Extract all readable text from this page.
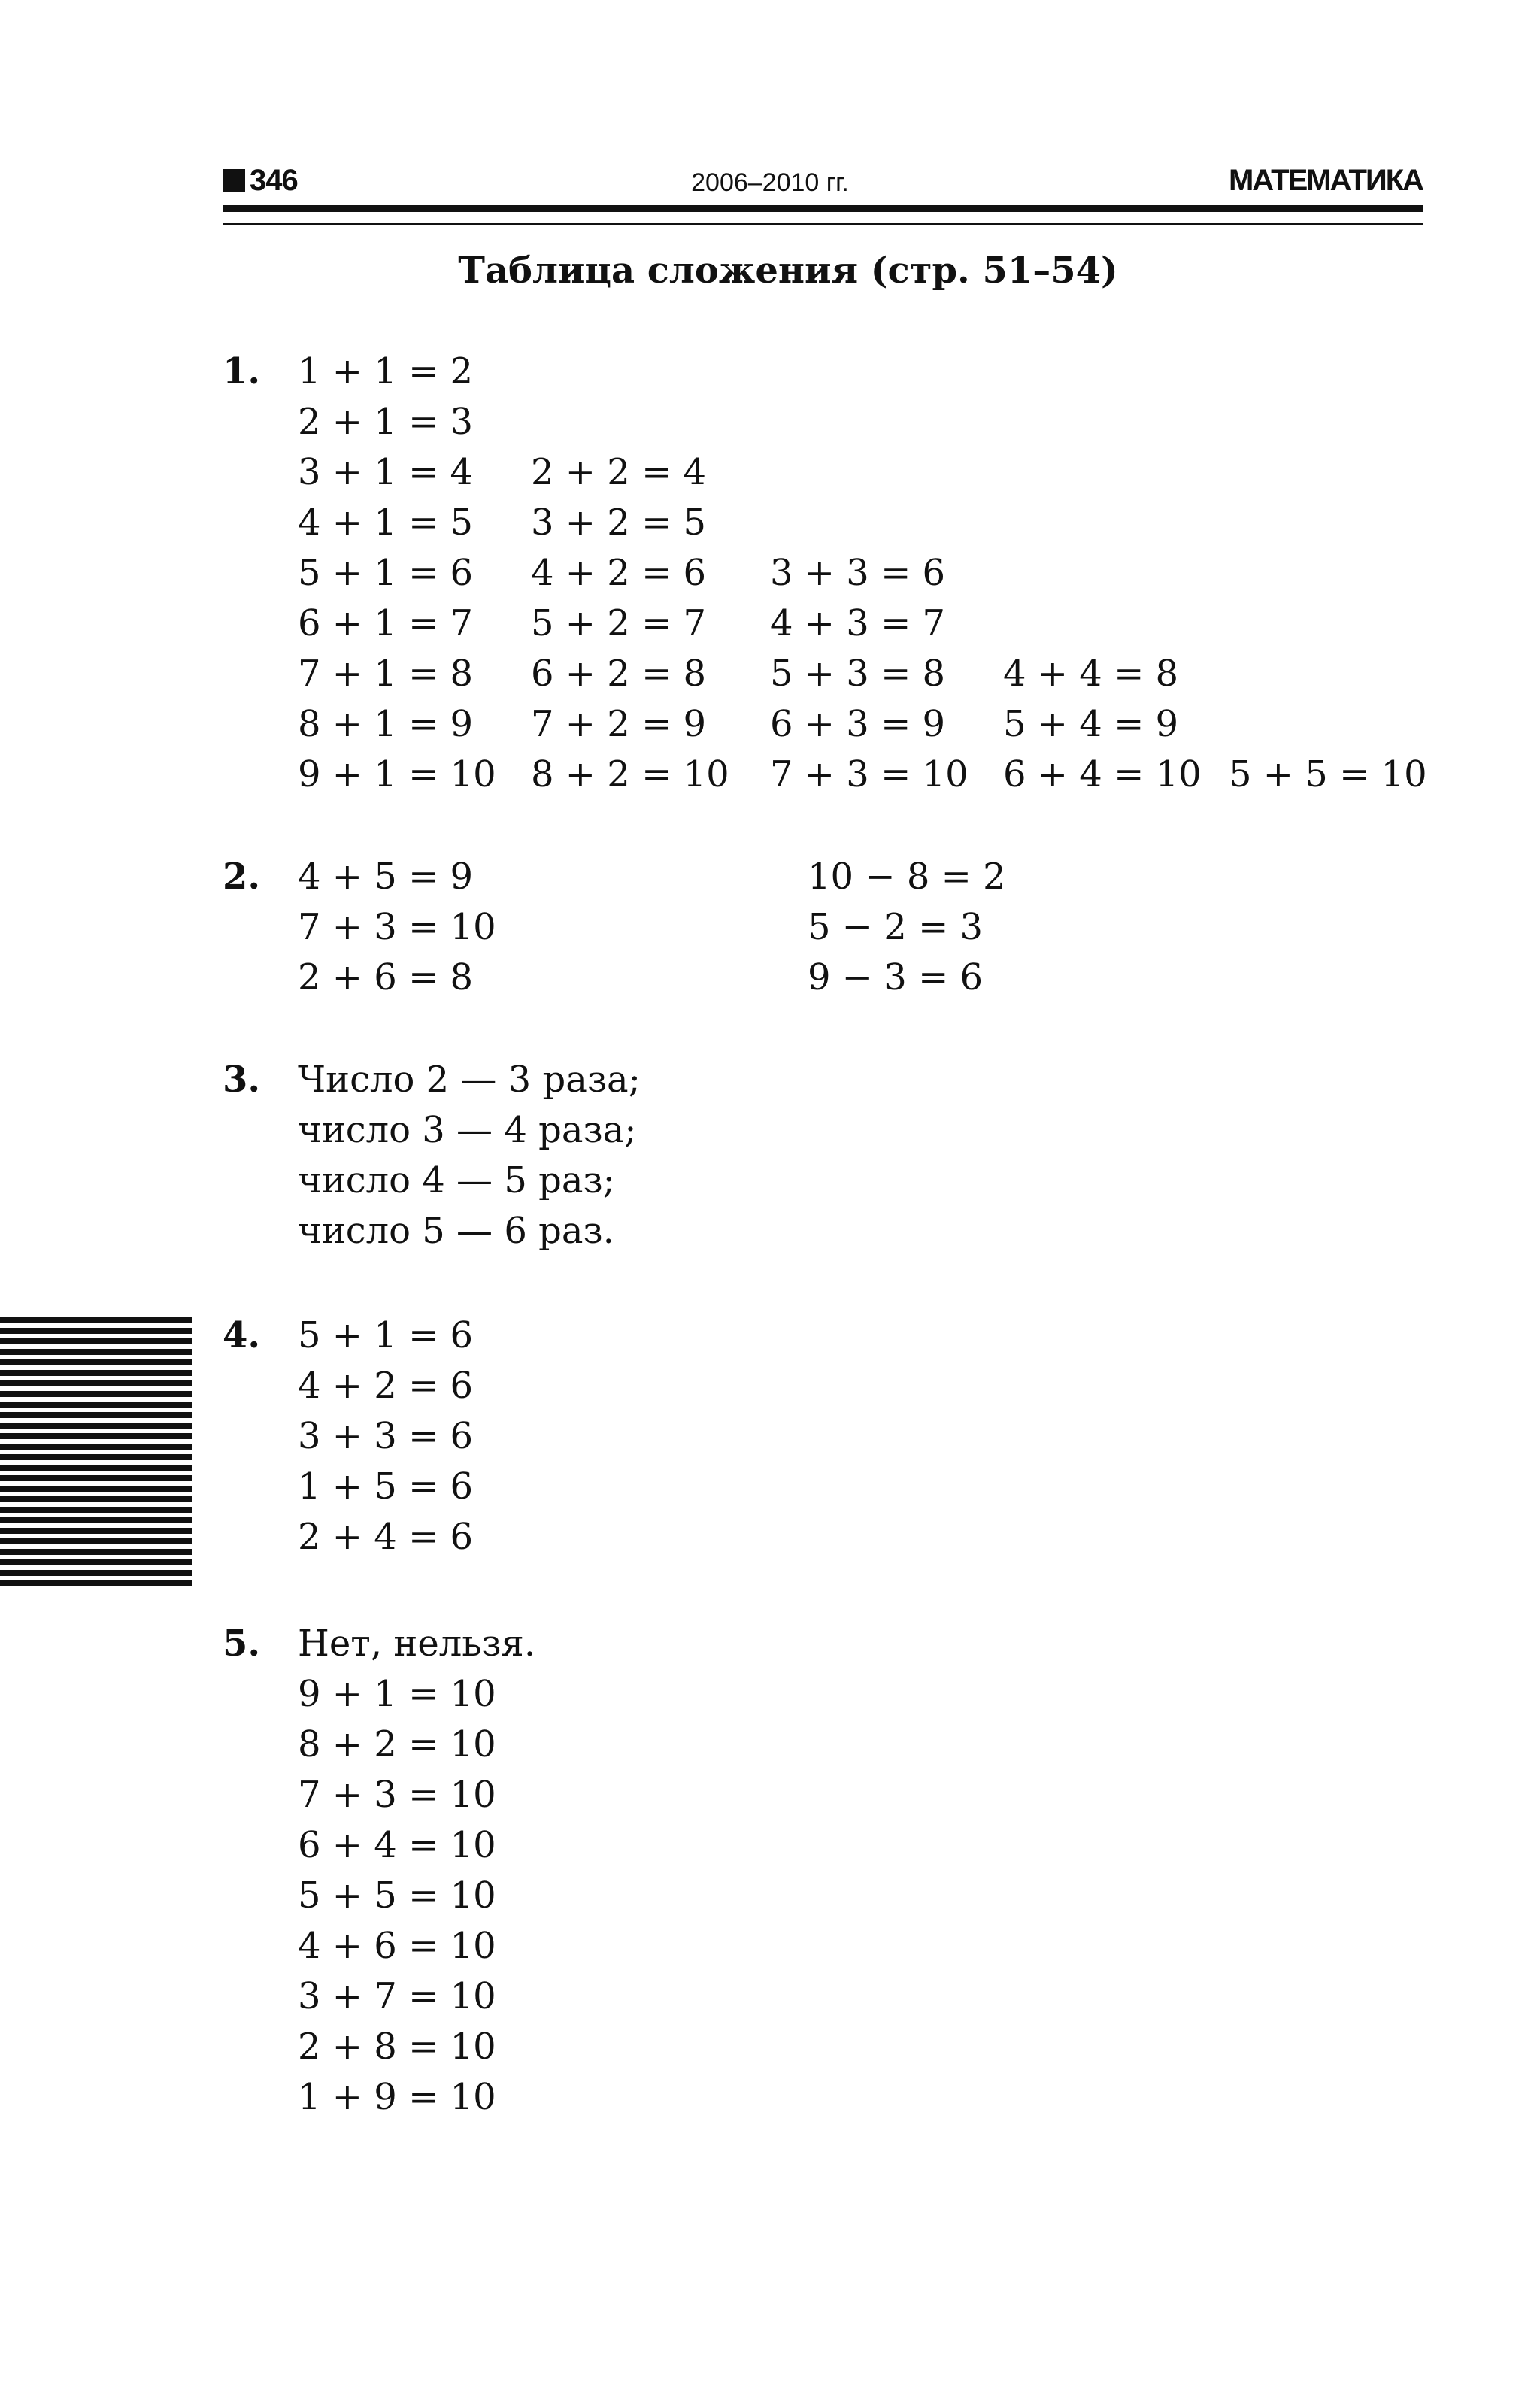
346	2006–2010 гг.	МАТЕМАТИКА
Таблица сложения (стр. 51–54)
1. 1 + 1 = 2
2 + 1 = 3
3 + 1 = 4
4 + 1 = 5
5 + 1 = 6
6 + 1 = 7
7 + 1 = 8
8 + 1 = 9
9 + 1 = 10
2 + 2 = 4
3 + 2 = 5
4 + 2 = 6
5 + 2 = 7
6 + 2 = 8
7 + 2 = 9
8 + 2 = 10
3 + 3 = 6
4 + 3 = 7
5 + 3 = 8
6 + 3 = 9
7 + 3 = 10
4 + 4 = 8
5 + 4 = 9
6 + 4 = 10 5 + 5 = 10
2. 4 + 5 = 9
7 + 3 = 10
2 + 6 = 8
10 − 8 = 2
5 − 2 = 3
9 − 3 = 6
3. Число 2 — 3 раза;
число 3 — 4 раза;
число 4 — 5 раз;
число 5 — 6 раз.
4. 5 + 1 = 6
4 + 2 = 6
3 + 3 = 6
1 + 5 = 6
2 + 4 = 6
5. Нет, нельзя.
9 + 1 = 10
8 + 2 = 10
7 + 3 = 10
6 + 4 = 10
5 + 5 = 10
4 + 6 = 10
3 + 7 = 10
2 + 8 = 10
1 + 9 = 10
